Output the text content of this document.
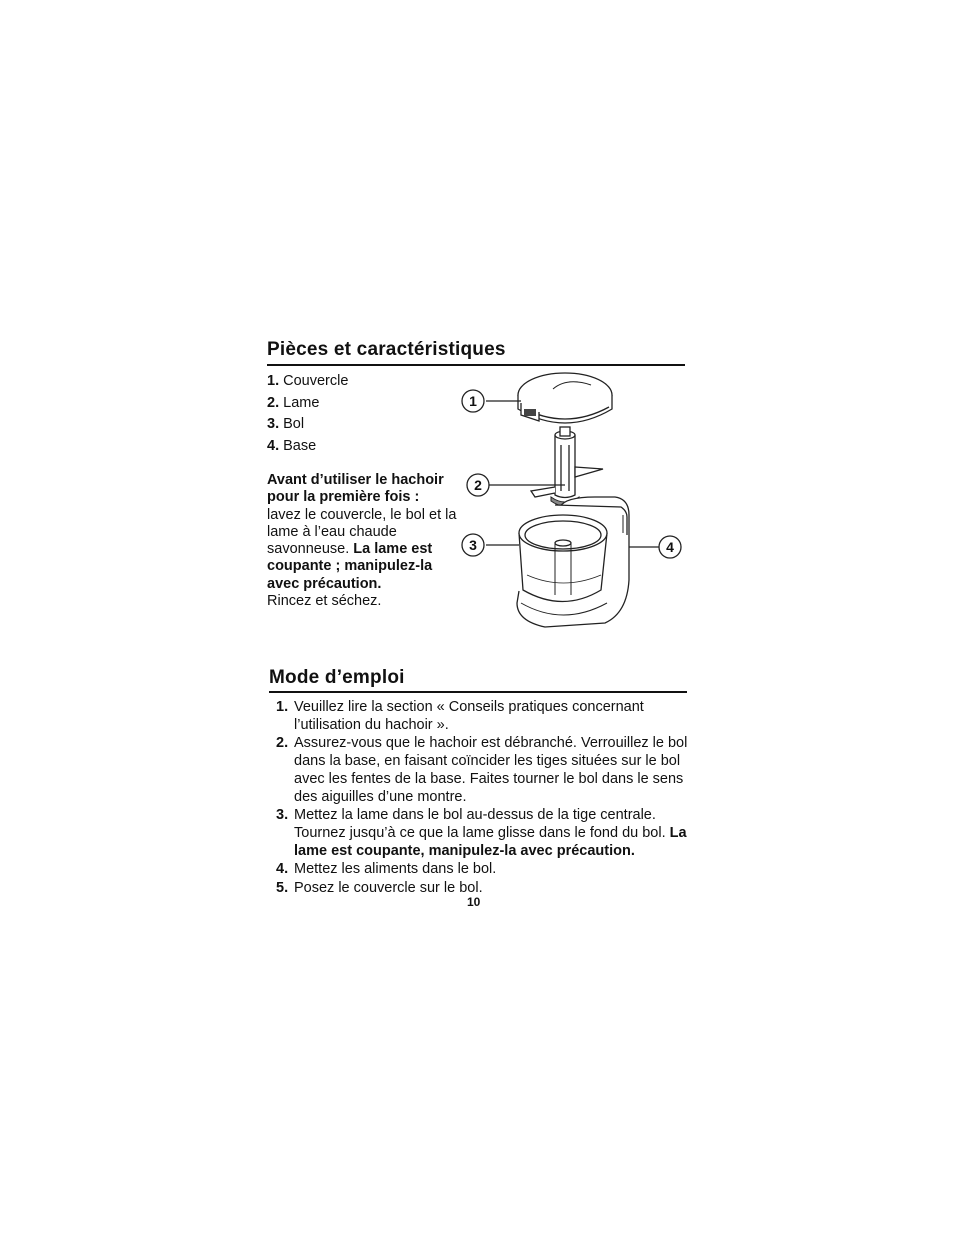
Pièces et caractéristiques
1. Couvercle
2. Lame
3. Bol
4. Base
Avant d’utiliser le hachoir pour la première fois : lavez le couvercle, le bol et la lame à l’eau chaude savonneuse. La lame est coupante ; manipulez-la avec précaution.
Rincez et séchez.
1
2
3	4
Mode d’emploi
1. Veuillez lire la section « Conseils pratiques concernant l’utilisation du hachoir ».
2. Assurez-vous que le hachoir est débranché. Verrouillez le bol dans la base, en faisant coïncider les tiges situées sur le bol avec les fentes de la base. Faites tourner le bol dans le sens des aiguilles d’une montre.
3. Mettez la lame dans le bol au-dessus de la tige centrale. Tournez jusqu’à ce que la lame glisse dans le fond du bol. La lame est coupante, manipulez-la avec précaution.
4. Mettez les aliments dans le bol.
5. Posez le couvercle sur le bol.
10
